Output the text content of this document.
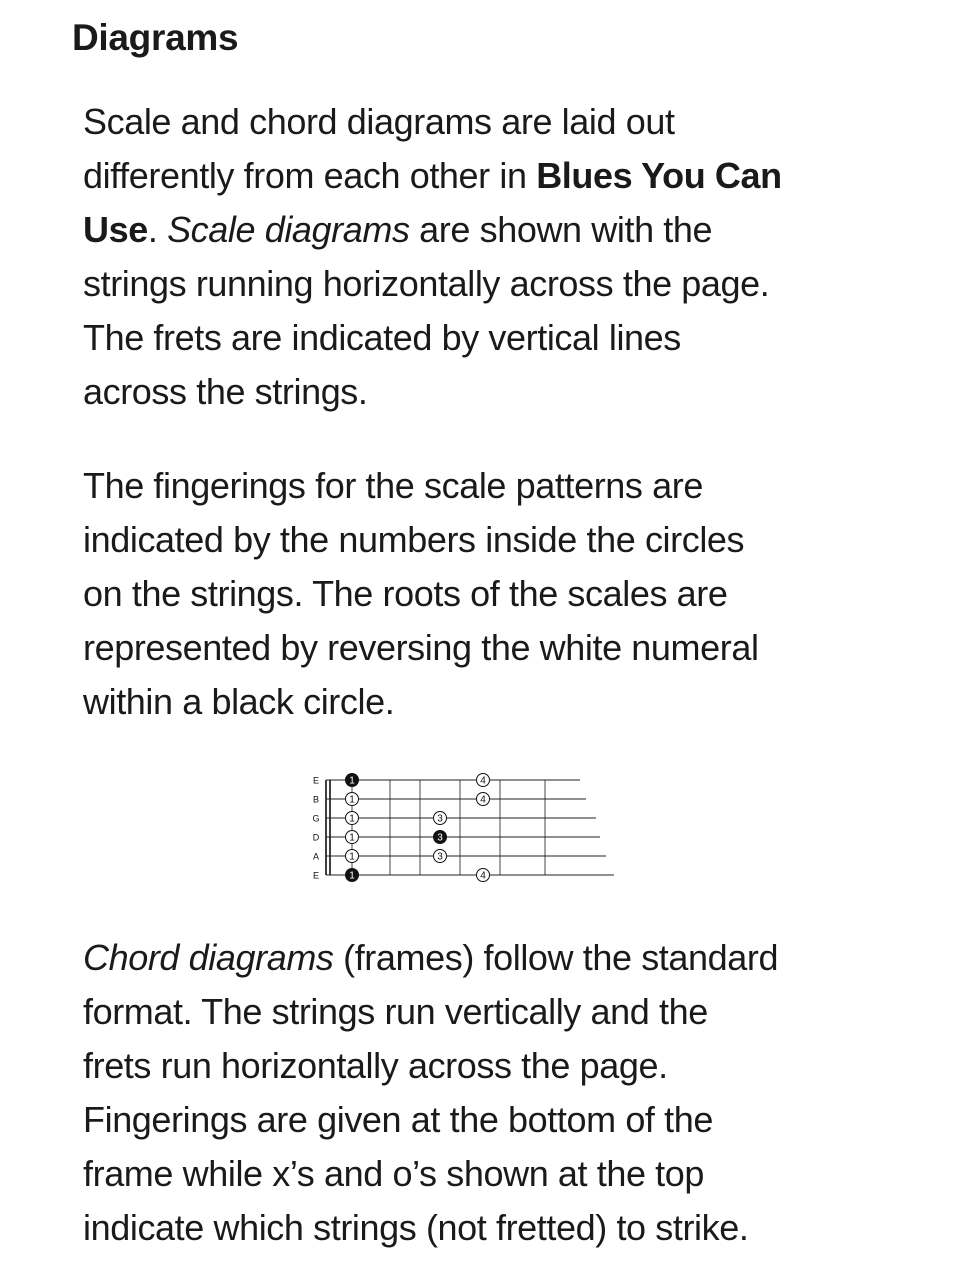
Diagrams

Scale and chord diagrams are laid out
differently from each other in Blues You Can
Use. Scale diagrams are shown with the
strings running horizontally across the page.
The frets are indicated by vertical lines
across the strings.

The fingerings for the scale patterns are
indicated by the numbers inside the circles
on the strings. The roots of the scales are
represented by reversing the white numeral
within a black circle.

E
B
G
D
A
E
1
1
1
1
1
1
3
3
3
4
4
4

Chord diagrams (frames) follow the standard
format. The strings run vertically and the
frets run horizontally across the page.
Fingerings are given at the bottom of the
frame while x’s and o’s shown at the top
indicate which strings (not fretted) to strike.
